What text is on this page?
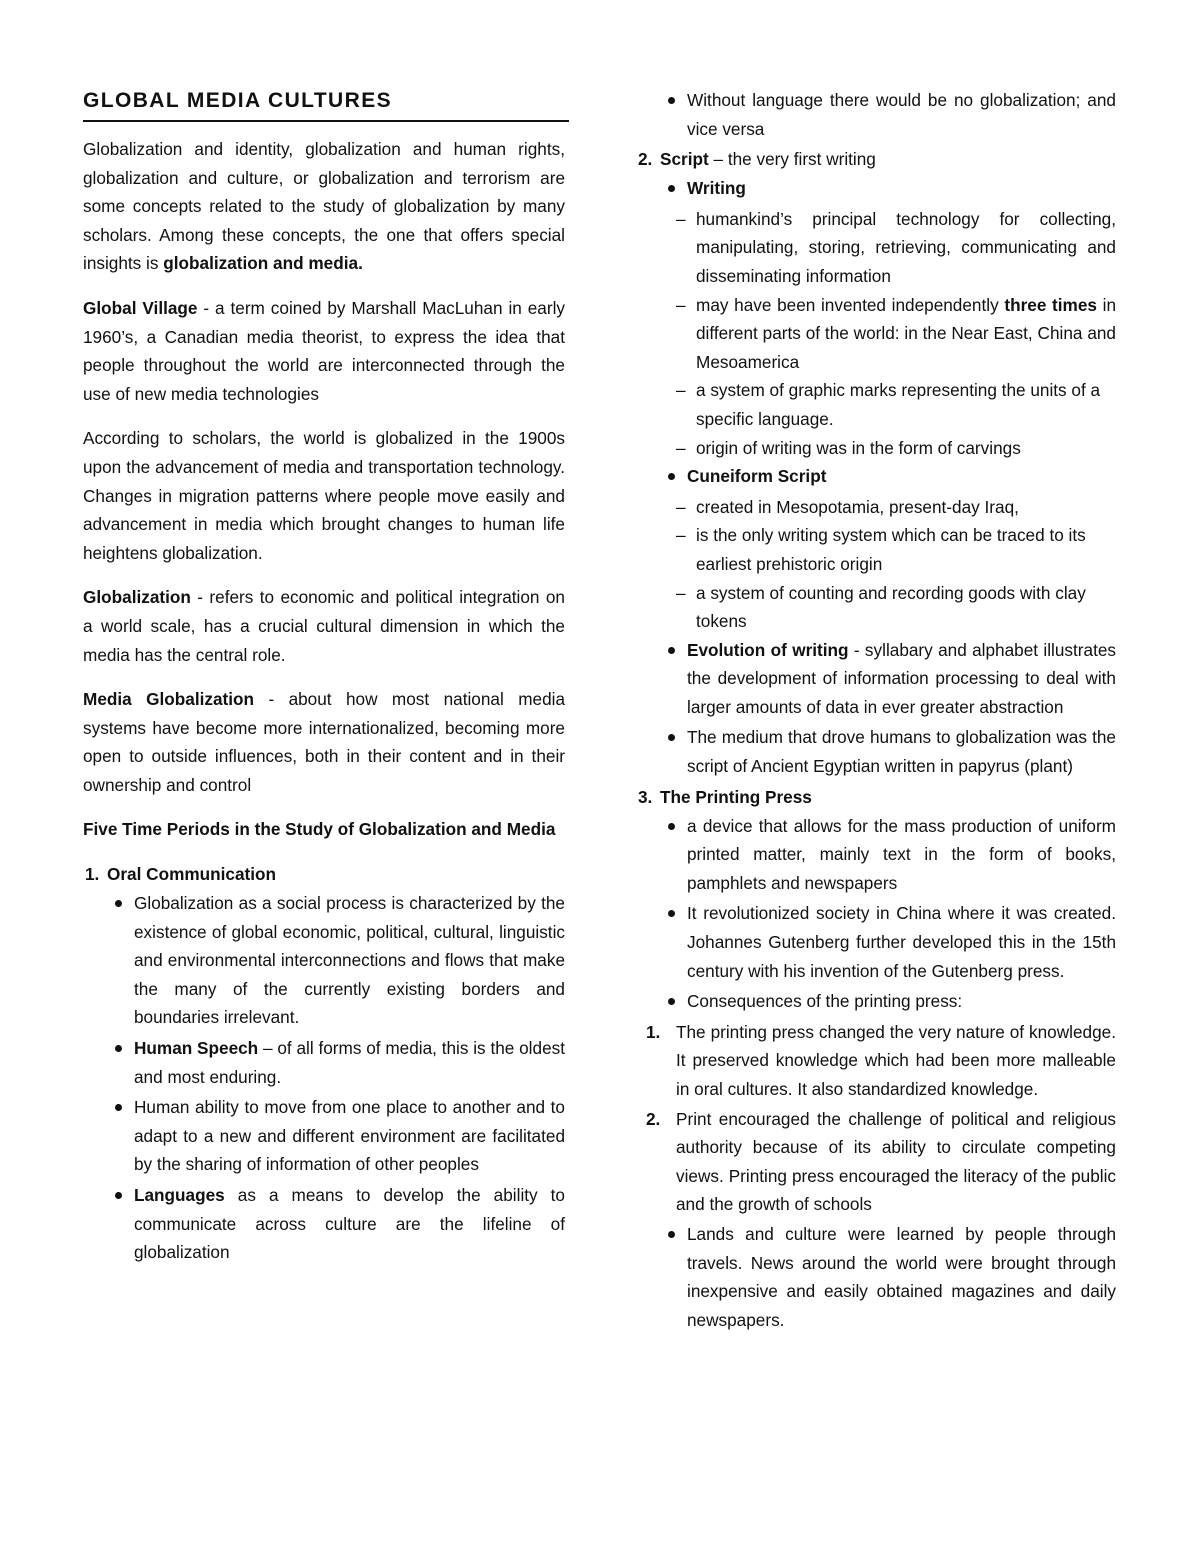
GLOBAL MEDIA CULTURES

Globalization and identity, globalization and human rights, globalization and culture, or globalization and terrorism are some concepts related to the study of globalization by many scholars. Among these concepts, the one that offers special insights is globalization and media.

Global Village - a term coined by Marshall MacLuhan in early 1960’s, a Canadian media theorist, to express the idea that people throughout the world are interconnected through the use of new media technologies

According to scholars, the world is globalized in the 1900s upon the advancement of media and transportation technology. Changes in migration patterns where people move easily and advancement in media which brought changes to human life heightens globalization.

Globalization - refers to economic and political integration on a world scale, has a crucial cultural dimension in which the media has the central role.

Media Globalization - about how most national media systems have become more internationalized, becoming more open to outside influences, both in their content and in their ownership and control

Five Time Periods in the Study of Globalization and Media

1. Oral Communication
Globalization as a social process is characterized by the existence of global economic, political, cultural, linguistic and environmental interconnections and flows that make the many of the currently existing borders and boundaries irrelevant.
Human Speech – of all forms of media, this is the oldest and most enduring.
Human ability to move from one place to another and to adapt to a new and different environment are facilitated by the sharing of information of other peoples
Languages as a means to develop the ability to communicate across culture are the lifeline of globalization
Without language there would be no globalization; and vice versa
2. Script – the very first writing
Writing
– humankind’s principal technology for collecting, manipulating, storing, retrieving, communicating and disseminating information
– may have been invented independently three times in different parts of the world: in the Near East, China and Mesoamerica
– a system of graphic marks representing the units of a specific language.
– origin of writing was in the form of carvings
Cuneiform Script
– created in Mesopotamia, present-day Iraq,
– is the only writing system which can be traced to its earliest prehistoric origin
– a system of counting and recording goods with clay tokens
Evolution of writing - syllabary and alphabet illustrates the development of information processing to deal with larger amounts of data in ever greater abstraction
The medium that drove humans to globalization was the script of Ancient Egyptian written in papyrus (plant)
3. The Printing Press
a device that allows for the mass production of uniform printed matter, mainly text in the form of books, pamphlets and newspapers
It revolutionized society in China where it was created. Johannes Gutenberg further developed this in the 15th century with his invention of the Gutenberg press.
Consequences of the printing press:
1. The printing press changed the very nature of knowledge. It preserved knowledge which had been more malleable in oral cultures. It also standardized knowledge.
2. Print encouraged the challenge of political and religious authority because of its ability to circulate competing views. Printing press encouraged the literacy of the public and the growth of schools
Lands and culture were learned by people through travels. News around the world were brought through inexpensive and easily obtained magazines and daily newspapers.
